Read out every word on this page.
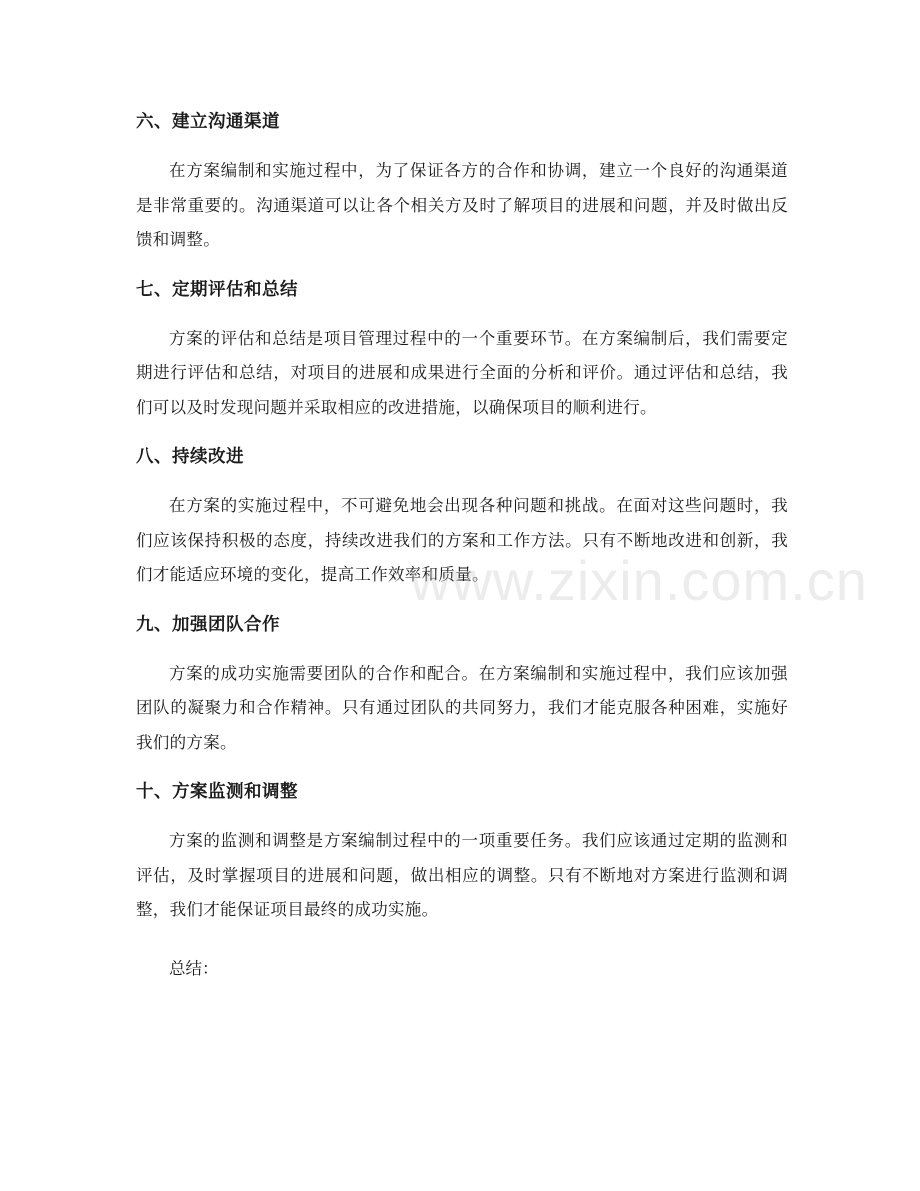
六、建立沟通渠道
在方案编制和实施过程中，为了保证各方的合作和协调，建立一个良好的沟通渠道是非常重要的。沟通渠道可以让各个相关方及时了解项目的进展和问题，并及时做出反馈和调整。
七、定期评估和总结
方案的评估和总结是项目管理过程中的一个重要环节。在方案编制后，我们需要定期进行评估和总结，对项目的进展和成果进行全面的分析和评价。通过评估和总结，我们可以及时发现问题并采取相应的改进措施，以确保项目的顺利进行。
八、持续改进
在方案的实施过程中，不可避免地会出现各种问题和挑战。在面对这些问题时，我们应该保持积极的态度，持续改进我们的方案和工作方法。只有不断地改进和创新，我们才能适应环境的变化，提高工作效率和质量。
九、加强团队合作
方案的成功实施需要团队的合作和配合。在方案编制和实施过程中，我们应该加强团队的凝聚力和合作精神。只有通过团队的共同努力，我们才能克服各种困难，实施好我们的方案。
十、方案监测和调整
方案的监测和调整是方案编制过程中的一项重要任务。我们应该通过定期的监测和评估，及时掌握项目的进展和问题，做出相应的调整。只有不断地对方案进行监测和调整，我们才能保证项目最终的成功实施。
总结：
www.zixin.com.cn
